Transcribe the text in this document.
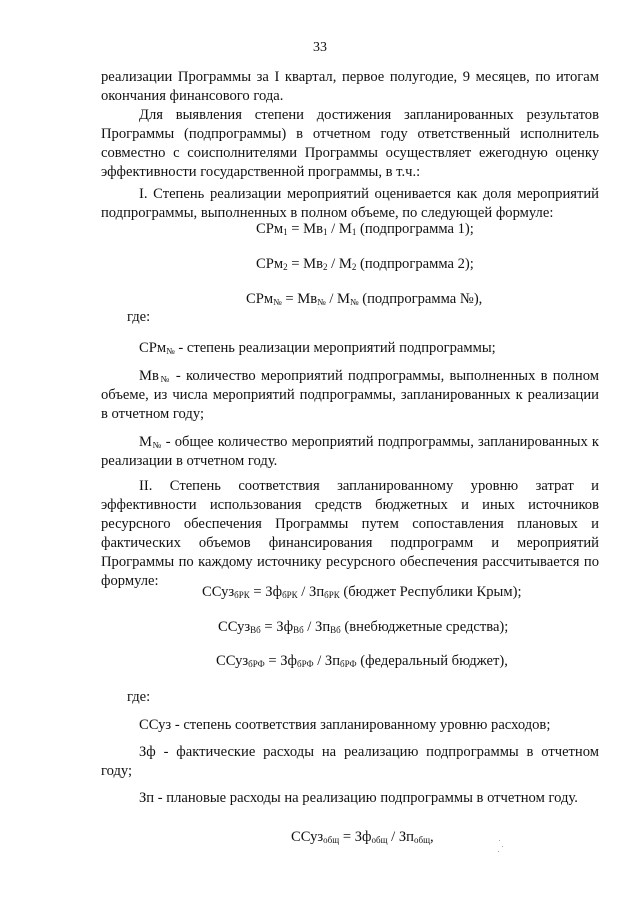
33

реализации Программы за I квартал, первое полугодие, 9 месяцев, по итогам окончания финансового года.

Для выявления степени достижения запланированных результатов Программы (подпрограммы) в отчетном году ответственный исполнитель совместно с соисполнителями Программы осуществляет ежегодную оценку эффективности государственной программы, в т.ч.:

I. Степень реализации мероприятий оценивается как доля мероприятий подпрограммы, выполненных в полном объеме, по следующей формуле:

$СРм_1 = Мв_1 / М_1$ (подпрограмма 1);
$СРм_2 = Мв_2 / М_2$ (подпрограмма 2);
$СРм_№ = Мв_№ / М_№$ (подпрограмма №),
где:

СРм$_№$ - степень реализации мероприятий подпрограммы;

$Мв_№$ - количество мероприятий подпрограммы, выполненных в полном объеме, из числа мероприятий подпрограммы, запланированных к реализации в отчетном году;

$М_№$ - общее количество мероприятий подпрограммы, запланированных к реализации в отчетном году.

II. Степень соответствия запланированному уровню затрат и эффективности использования средств бюджетных и иных источников ресурсного обеспечения Программы путем сопоставления плановых и фактических объемов финансирования подпрограмм и мероприятий Программы по каждому источнику ресурсного обеспечения рассчитывается по формуле:

ССуз$_{бРК}$ = $Зф_{бРК} / Зп_{бРК}$ (бюджет Республики Крым);
ССуз$_{Вб}$ = $Зф_{Вб} / Зп_{Вб}$ (внебюджетные средства);
ССуз$_{бРФ}$ = $Зф_{бРФ} / Зп_{бРФ}$ (федеральный бюджет),
где:

ССуз - степень соответствия запланированному уровню расходов;

Зф - фактические расходы на реализацию подпрограммы в отчетном году;

Зп - плановые расходы на реализацию подпрограммы в отчетном году.

ССуз$_{общ}$ = $Зф_{общ} / Зп_{общ}$,
